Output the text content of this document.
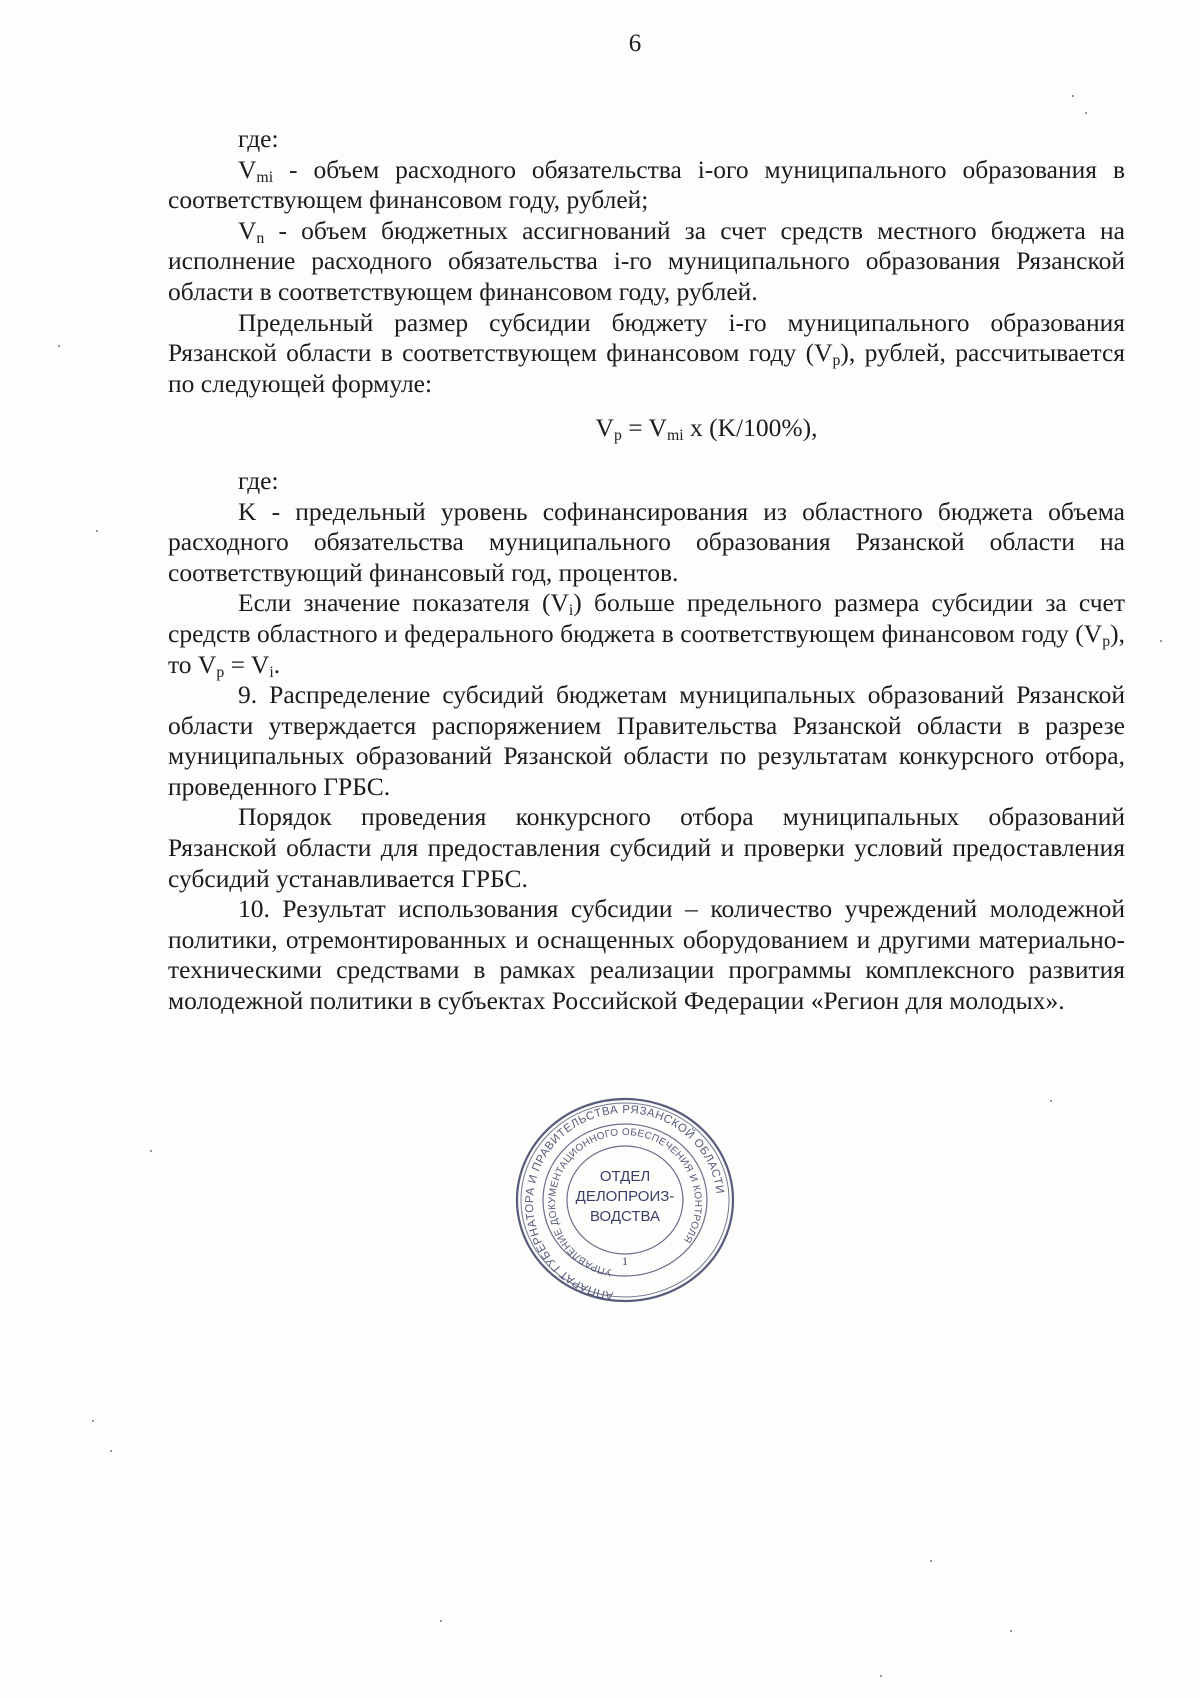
6

где:

$V_{mi}$ - объем расходного обязательства i-ого муниципального образования в соответствующем финансовом году, рублей;

$V_n$ - объем бюджетных ассигнований за счет средств местного бюджета на исполнение расходного обязательства i-го муниципального образования Рязанской области в соответствующем финансовом году, рублей.

Предельный размер субсидии бюджету i-го муниципального образования Рязанской области в соответствующем финансовом году $(V_p)$, рублей, рассчитывается по следующей формуле:

$V_p = V_{mi}$ x (K/100%),

где:

K - предельный уровень софинансирования из областного бюджета объема расходного обязательства муниципального образования Рязанской области на соответствующий финансовый год, процентов.

Если значение показателя $(V_i)$ больше предельного размера субсидии за счет средств областного и федерального бюджета в соответствующем финансовом году $(V_p)$, то $V_p = V_i$.

9. Распределение субсидий бюджетам муниципальных образований Рязанской области утверждается распоряжением Правительства Рязанской области в разрезе муниципальных образований Рязанской области по результатам конкурсного отбора, проведенного ГРБС.

Порядок проведения конкурсного отбора муниципальных образований Рязанской области для предоставления субсидий и проверки условий предоставления субсидий устанавливается ГРБС.

10. Результат использования субсидии – количество учреждений молодежной политики, отремонтированных и оснащенных оборудованием и другими материально-техническими средствами в рамках реализации программы комплексного развития молодежной политики в субъектах Российской Федерации «Регион для молодых».

АППАРАТ ГУБЕРНАТОРА И ПРАВИТЕЛЬСТВА РЯЗАНСКОЙ ОБЛАСТИ
УПРАВЛЕНИЕ ДОКУМЕНТАЦИОННОГО ОБЕСПЕЧЕНИЯ И КОНТРОЛЯ
ОТДЕЛ
ДЕЛОПРОИЗ-
ВОДСТВА
1
